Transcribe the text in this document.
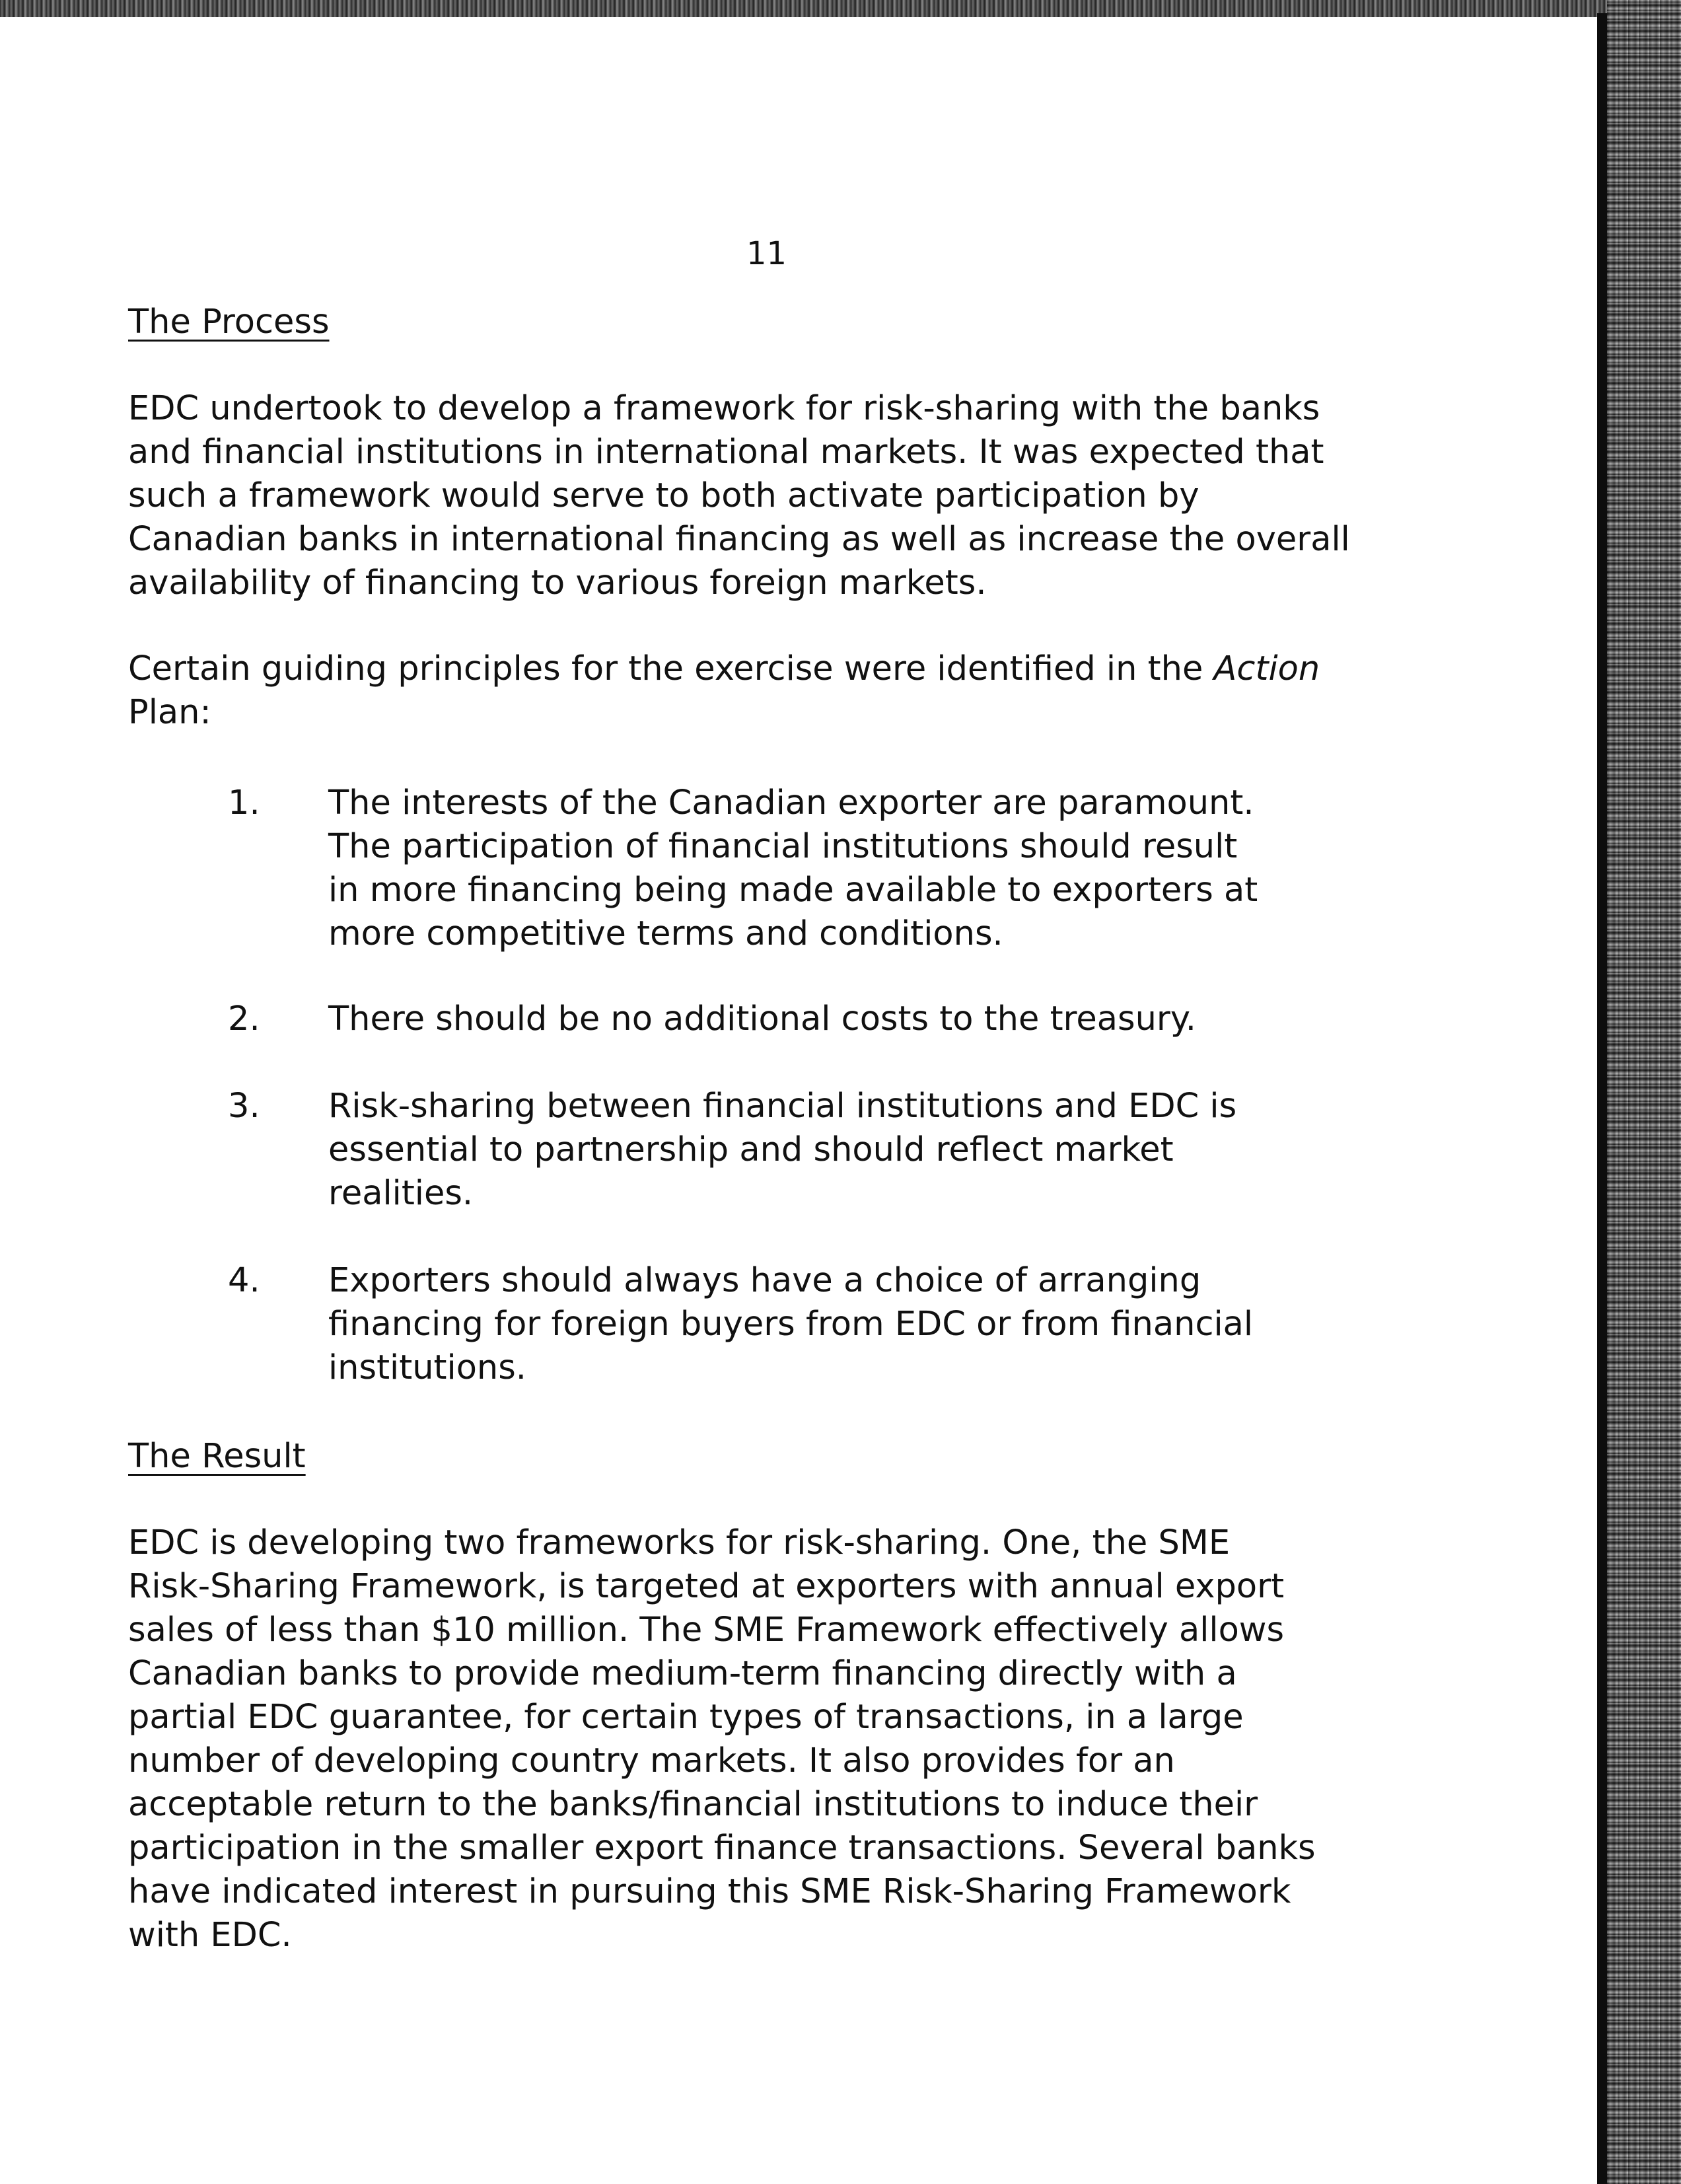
11
The Process
EDC undertook to develop a framework for risk-sharing with the banks
and financial institutions in international markets. It was expected that
such a framework would serve to both activate participation by
Canadian banks in international financing as well as increase the overall
availability of financing to various foreign markets.
Certain guiding principles for the exercise were identified in the Action
Plan:
1.	The interests of the Canadian exporter are paramount.
The participation of financial institutions should result
in more financing being made available to exporters at
more competitive terms and conditions.
2.	There should be no additional costs to the treasury.
3.	Risk-sharing between financial institutions and EDC is
essential to partnership and should reflect market
realities.
4.	Exporters should always have a choice of arranging
financing for foreign buyers from EDC or from financial
institutions.
The Result
EDC is developing two frameworks for risk-sharing. One, the SME
Risk-Sharing Framework, is targeted at exporters with annual export
sales of less than $10 million. The SME Framework effectively allows
Canadian banks to provide medium-term financing directly with a
partial EDC guarantee, for certain types of transactions, in a large
number of developing country markets. It also provides for an
acceptable return to the banks/financial institutions to induce their
participation in the smaller export finance transactions. Several banks
have indicated interest in pursuing this SME Risk-Sharing Framework
with EDC.
